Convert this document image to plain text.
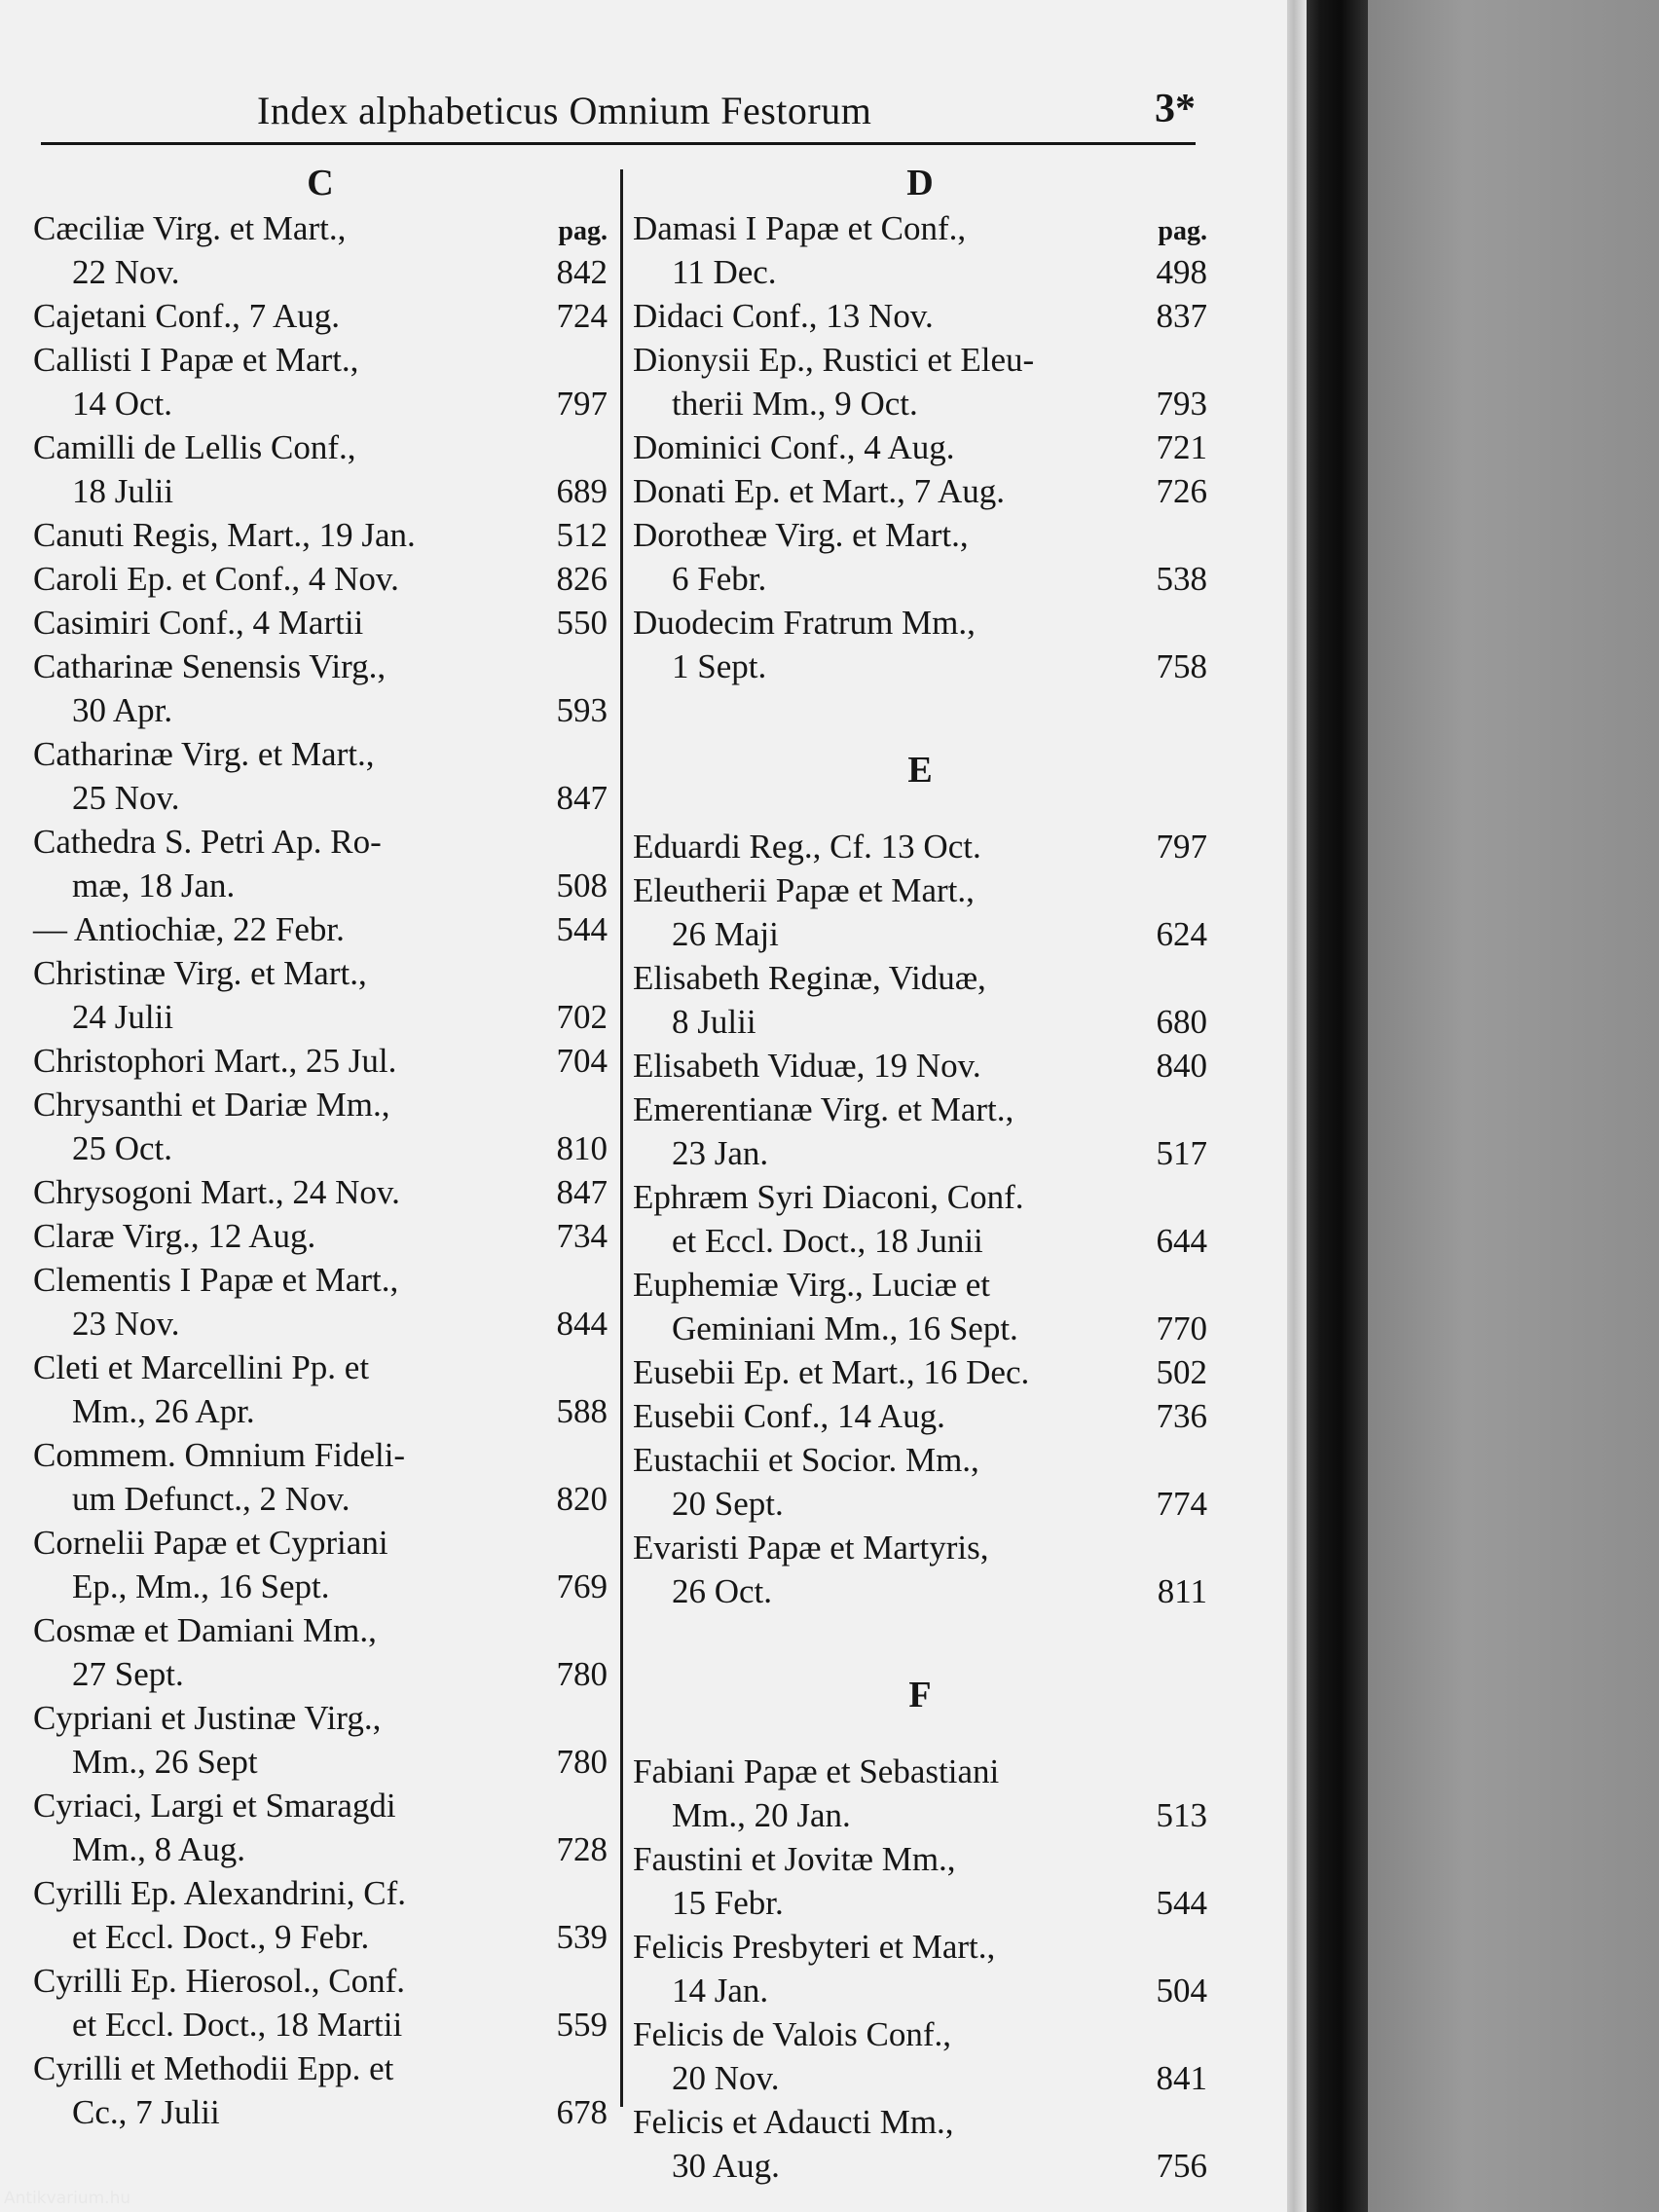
Index alphabeticus Omnium Festorum	3*
C
Cæciliæ Virg. et Mart.,	pag.
22 Nov.	842
Cajetani Conf., 7 Aug.	724
Callisti I Papæ et Mart.,
14 Oct.	797
Camilli de Lellis Conf.,
18 Julii	689
Canuti Regis, Mart., 19 Jan.	512
Caroli Ep. et Conf., 4 Nov.	826
Casimiri Conf., 4 Martii	550
Catharinæ Senensis Virg.,
30 Apr.	593
Catharinæ Virg. et Mart.,
25 Nov.	847
Cathedra S. Petri Ap. Ro-
mæ, 18 Jan.	508
— Antiochiæ, 22 Febr.	544
Christinæ Virg. et Mart.,
24 Julii	702
Christophori Mart., 25 Jul.	704
Chrysanthi et Dariæ Mm.,
25 Oct.	810
Chrysogoni Mart., 24 Nov.	847
Claræ Virg., 12 Aug.	734
Clementis I Papæ et Mart.,
23 Nov.	844
Cleti et Marcellini Pp. et
Mm., 26 Apr.	588
Commem. Omnium Fideli-
um Defunct., 2 Nov.	820
Cornelii Papæ et Cypriani
Ep., Mm., 16 Sept.	769
Cosmæ et Damiani Mm.,
27 Sept.	780
Cypriani et Justinæ Virg.,
Mm., 26 Sept	780
Cyriaci, Largi et Smaragdi
Mm., 8 Aug.	728
Cyrilli Ep. Alexandrini, Cf.
et Eccl. Doct., 9 Febr.	539
Cyrilli Ep. Hierosol., Conf.
et Eccl. Doct., 18 Martii	559
Cyrilli et Methodii Epp. et
Cc., 7 Julii	678
D
Damasi I Papæ et Conf.,	pag.
11 Dec.	498
Didaci Conf., 13 Nov.	837
Dionysii Ep., Rustici et Eleu-
therii Mm., 9 Oct.	793
Dominici Conf., 4 Aug.	721
Donati Ep. et Mart., 7 Aug.	726
Dorotheæ Virg. et Mart.,
6 Febr.	538
Duodecim Fratrum Mm.,
1 Sept.	758
E
Eduardi Reg., Cf. 13 Oct.	797
Eleutherii Papæ et Mart.,
26 Maji	624
Elisabeth Reginæ, Viduæ,
8 Julii	680
Elisabeth Viduæ, 19 Nov.	840
Emerentianæ Virg. et Mart.,
23 Jan.	517
Ephræm Syri Diaconi, Conf.
et Eccl. Doct., 18 Junii	644
Euphemiæ Virg., Luciæ et
Geminiani Mm., 16 Sept.	770
Eusebii Ep. et Mart., 16 Dec.	502
Eusebii Conf., 14 Aug.	736
Eustachii et Socior. Mm.,
20 Sept.	774
Evaristi Papæ et Martyris,
26 Oct.	811
F
Fabiani Papæ et Sebastiani
Mm., 20 Jan.	513
Faustini et Jovitæ Mm.,
15 Febr.	544
Felicis Presbyteri et Mart.,
14 Jan.	504
Felicis de Valois Conf.,
20 Nov.	841
Felicis et Adaucti Mm.,
30 Aug.	756
Antikvarium.hu
